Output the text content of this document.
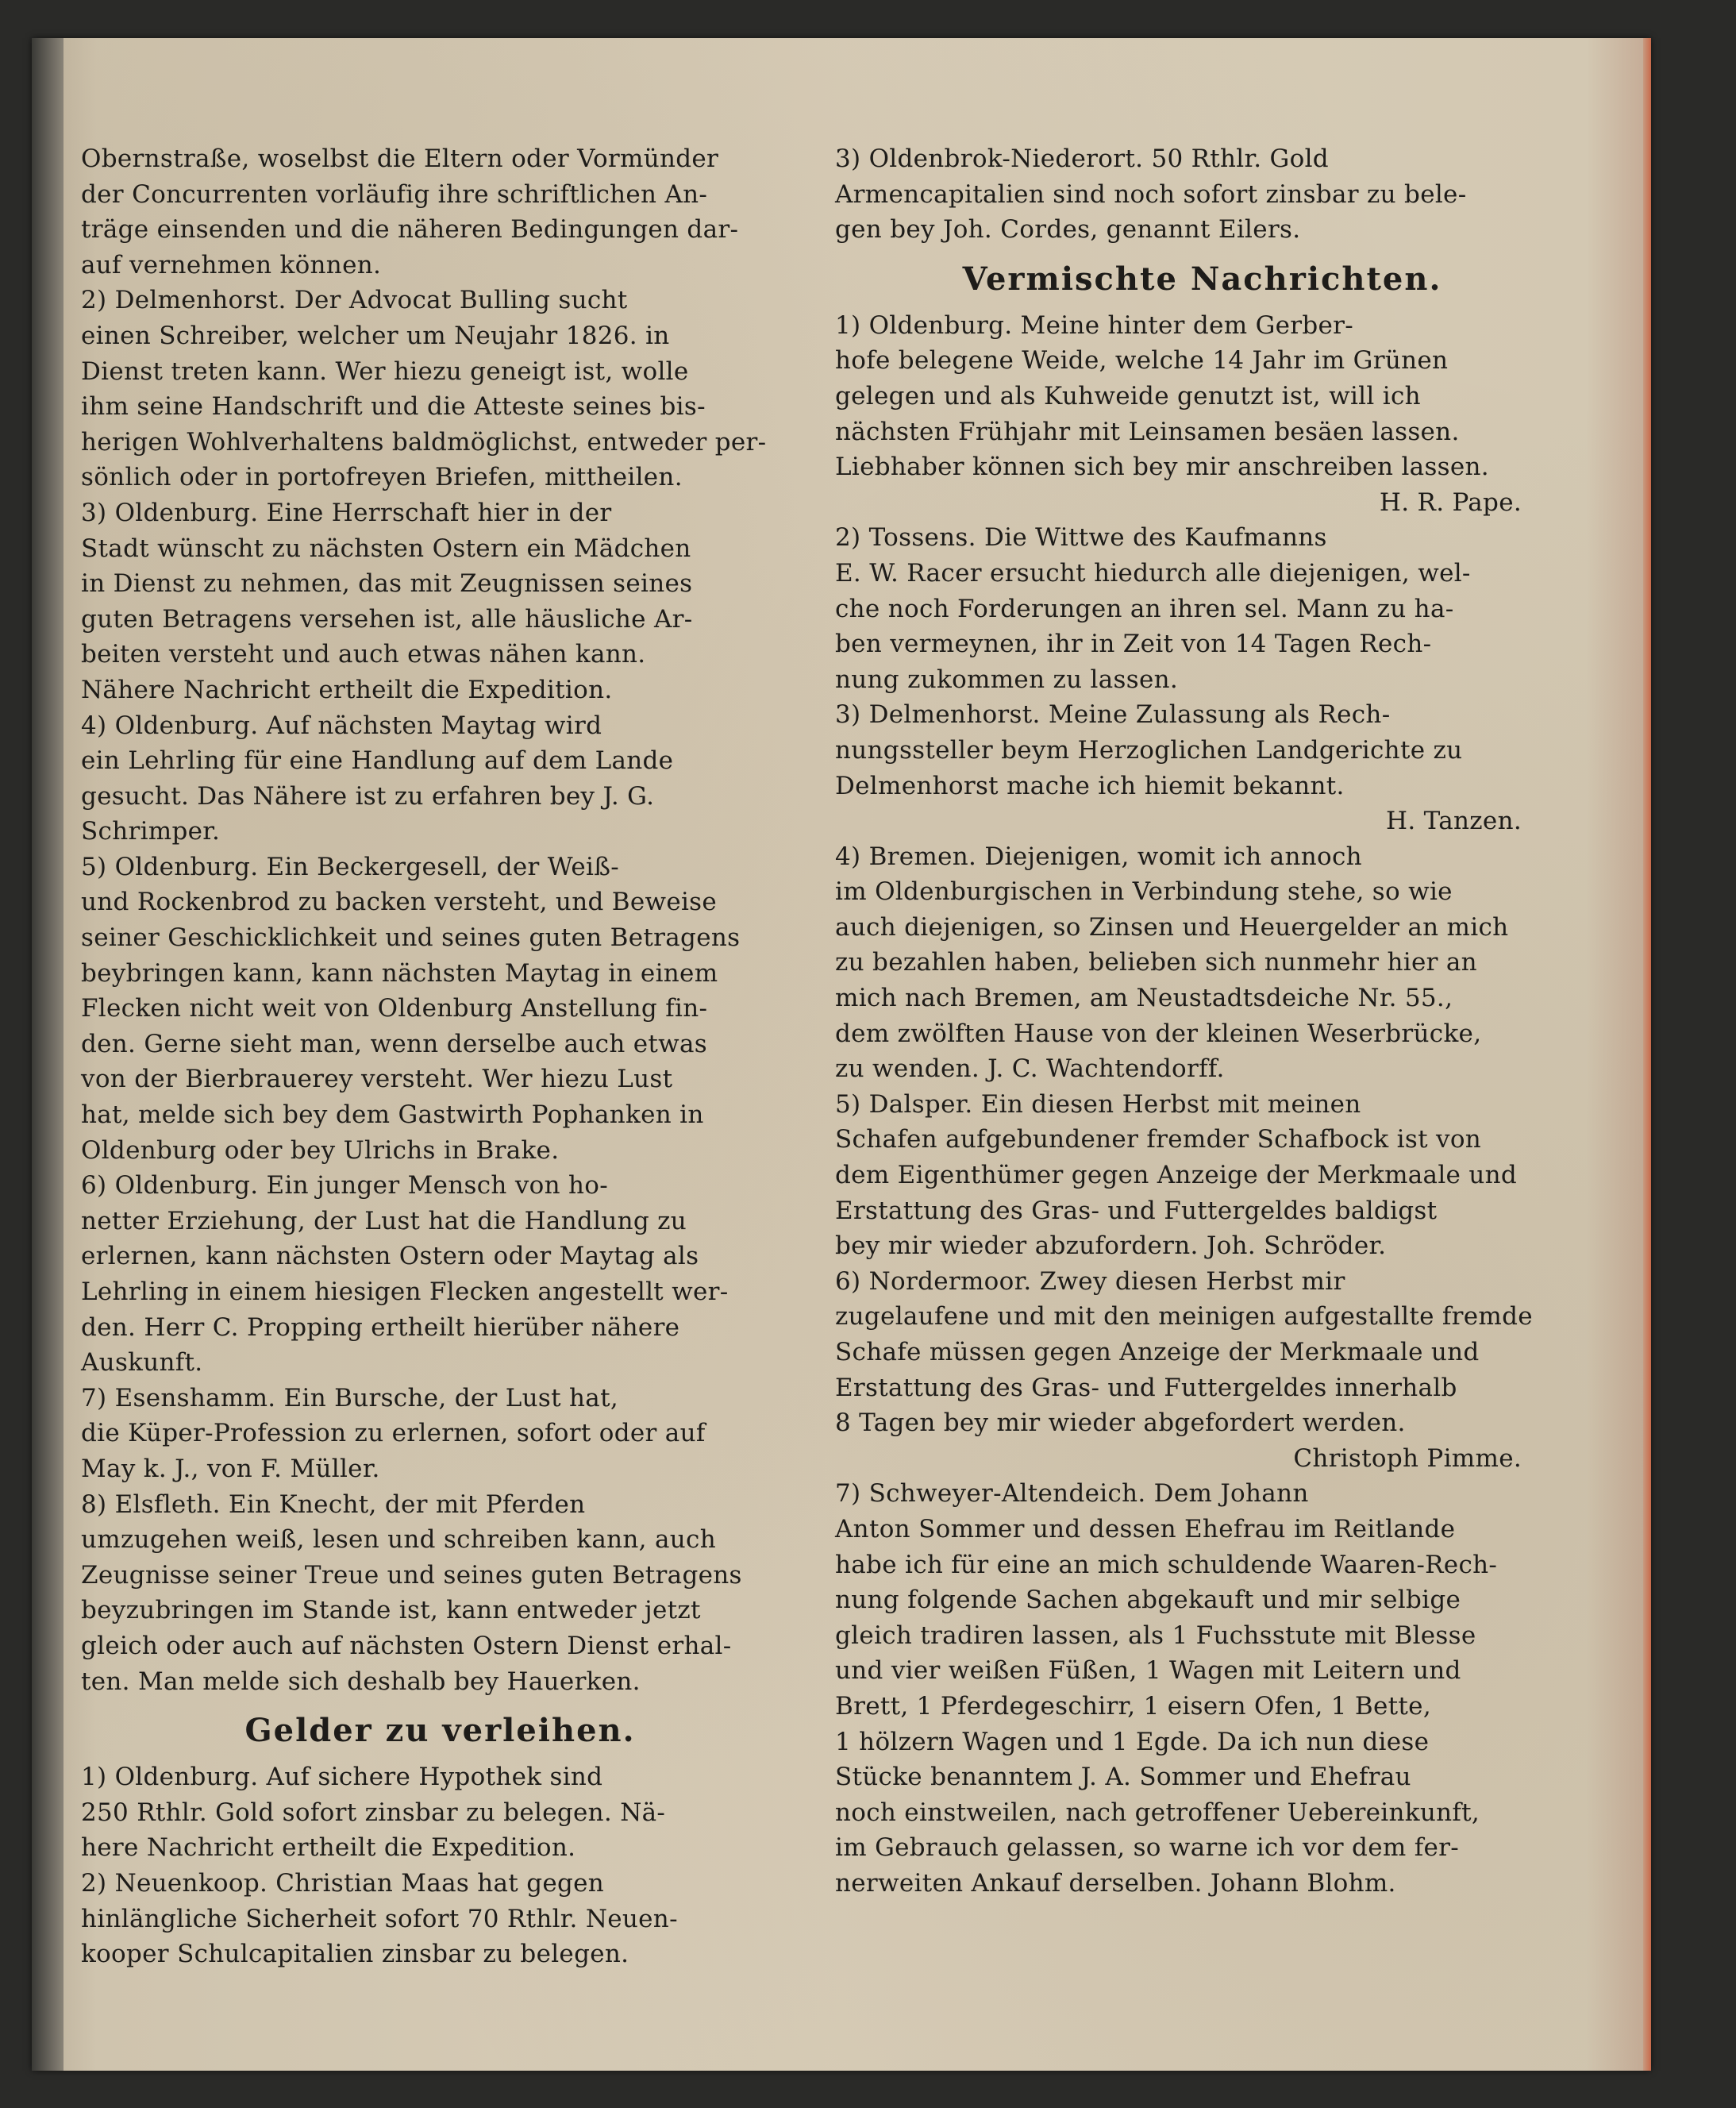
Obernstraße, woselbst die Eltern oder Vormünder
der Concurrenten vorläufig ihre schriftlichen An-
träge einsenden und die näheren Bedingungen dar-
auf vernehmen können.
2) Delmenhorst. Der Advocat Bulling sucht
einen Schreiber, welcher um Neujahr 1826. in
Dienst treten kann. Wer hiezu geneigt ist, wolle
ihm seine Handschrift und die Atteste seines bis-
herigen Wohlverhaltens baldmöglichst, entweder per-
sönlich oder in portofreyen Briefen, mittheilen.
3) Oldenburg. Eine Herrschaft hier in der
Stadt wünscht zu nächsten Ostern ein Mädchen
in Dienst zu nehmen, das mit Zeugnissen seines
guten Betragens versehen ist, alle häusliche Ar-
beiten versteht und auch etwas nähen kann.
Nähere Nachricht ertheilt die Expedition.
4) Oldenburg. Auf nächsten Maytag wird
ein Lehrling für eine Handlung auf dem Lande
gesucht. Das Nähere ist zu erfahren bey J. G.
Schrimper.
5) Oldenburg. Ein Beckergesell, der Weiß-
und Rockenbrod zu backen versteht, und Beweise
seiner Geschicklichkeit und seines guten Betragens
beybringen kann, kann nächsten Maytag in einem
Flecken nicht weit von Oldenburg Anstellung fin-
den. Gerne sieht man, wenn derselbe auch etwas
von der Bierbrauerey versteht. Wer hiezu Lust
hat, melde sich bey dem Gastwirth Pophanken in
Oldenburg oder bey Ulrichs in Brake.
6) Oldenburg. Ein junger Mensch von ho-
netter Erziehung, der Lust hat die Handlung zu
erlernen, kann nächsten Ostern oder Maytag als
Lehrling in einem hiesigen Flecken angestellt wer-
den. Herr C. Propping ertheilt hierüber nähere
Auskunft.
7) Esenshamm. Ein Bursche, der Lust hat,
die Küper-Profession zu erlernen, sofort oder auf
May k. J., von F. Müller.
8) Elsfleth. Ein Knecht, der mit Pferden
umzugehen weiß, lesen und schreiben kann, auch
Zeugnisse seiner Treue und seines guten Betragens
beyzubringen im Stande ist, kann entweder jetzt
gleich oder auch auf nächsten Ostern Dienst erhal-
ten. Man melde sich deshalb bey Hauerken.
Gelder zu verleihen.
1) Oldenburg. Auf sichere Hypothek sind
250 Rthlr. Gold sofort zinsbar zu belegen. Nä-
here Nachricht ertheilt die Expedition.
2) Neuenkoop. Christian Maas hat gegen
hinlängliche Sicherheit sofort 70 Rthlr. Neuen-
kooper Schulcapitalien zinsbar zu belegen.
3) Oldenbrok-Niederort. 50 Rthlr. Gold
Armencapitalien sind noch sofort zinsbar zu bele-
gen bey Joh. Cordes, genannt Eilers.
Vermischte Nachrichten.
1) Oldenburg. Meine hinter dem Gerber-
hofe belegene Weide, welche 14 Jahr im Grünen
gelegen und als Kuhweide genutzt ist, will ich
nächsten Frühjahr mit Leinsamen besäen lassen.
Liebhaber können sich bey mir anschreiben lassen.
H. R. Pape.
2) Tossens. Die Wittwe des Kaufmanns
E. W. Racer ersucht hiedurch alle diejenigen, wel-
che noch Forderungen an ihren sel. Mann zu ha-
ben vermeynen, ihr in Zeit von 14 Tagen Rech-
nung zukommen zu lassen.
3) Delmenhorst. Meine Zulassung als Rech-
nungssteller beym Herzoglichen Landgerichte zu
Delmenhorst mache ich hiemit bekannt.
H. Tanzen.
4) Bremen. Diejenigen, womit ich annoch
im Oldenburgischen in Verbindung stehe, so wie
auch diejenigen, so Zinsen und Heuergelder an mich
zu bezahlen haben, belieben sich nunmehr hier an
mich nach Bremen, am Neustadtsdeiche Nr. 55.,
dem zwölften Hause von der kleinen Weserbrücke,
zu wenden. J. C. Wachtendorff.
5) Dalsper. Ein diesen Herbst mit meinen
Schafen aufgebundener fremder Schafbock ist von
dem Eigenthümer gegen Anzeige der Merkmaale und
Erstattung des Gras- und Futtergeldes baldigst
bey mir wieder abzufordern. Joh. Schröder.
6) Nordermoor. Zwey diesen Herbst mir
zugelaufene und mit den meinigen aufgestallte fremde
Schafe müssen gegen Anzeige der Merkmaale und
Erstattung des Gras- und Futtergeldes innerhalb
8 Tagen bey mir wieder abgefordert werden.
Christoph Pimme.
7) Schweyer-Altendeich. Dem Johann
Anton Sommer und dessen Ehefrau im Reitlande
habe ich für eine an mich schuldende Waaren-Rech-
nung folgende Sachen abgekauft und mir selbige
gleich tradiren lassen, als 1 Fuchsstute mit Blesse
und vier weißen Füßen, 1 Wagen mit Leitern und
Brett, 1 Pferdegeschirr, 1 eisern Ofen, 1 Bette,
1 hölzern Wagen und 1 Egde. Da ich nun diese
Stücke benanntem J. A. Sommer und Ehefrau
noch einstweilen, nach getroffener Uebereinkunft,
im Gebrauch gelassen, so warne ich vor dem fer-
nerweiten Ankauf derselben. Johann Blohm.
